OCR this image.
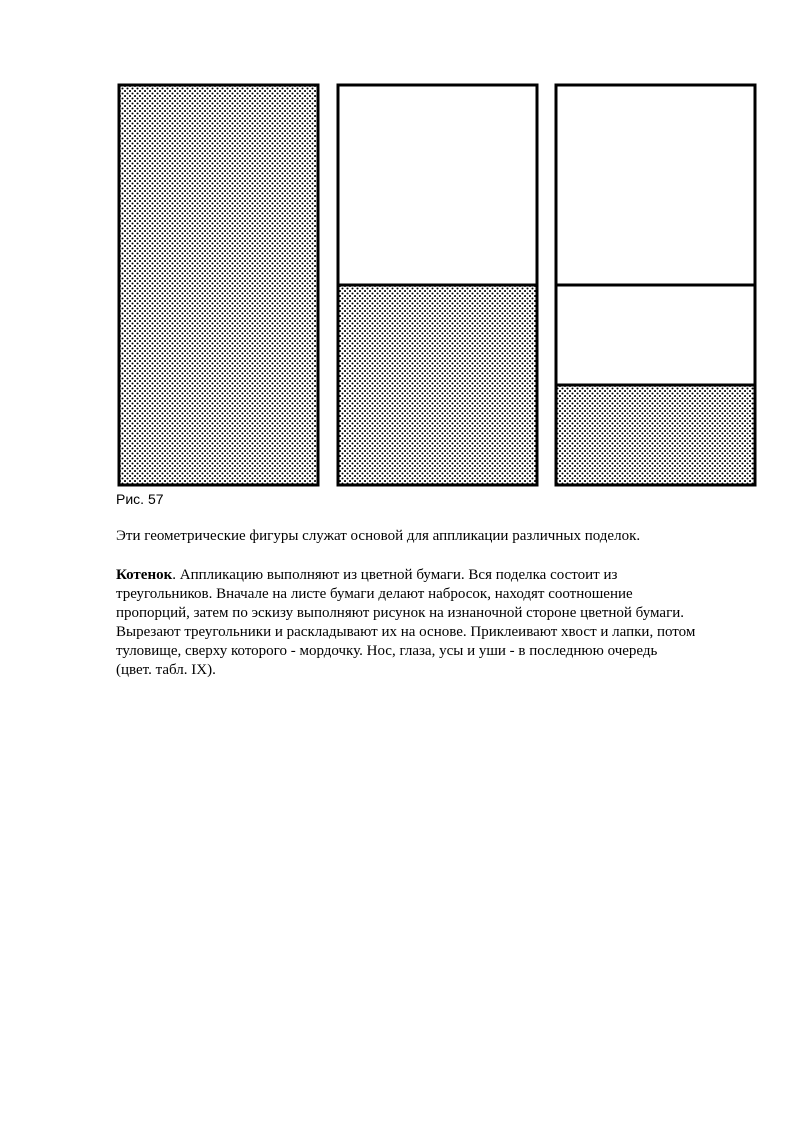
Рис. 57

Эти геометрические фигуры служат основой для аппликации различных поделок.

Котенок. Аппликацию выполняют из цветной бумаги. Вся поделка состоит из
треугольников. Вначале на листе бумаги делают набросок, находят соотношение
пропорций, затем по эскизу выполняют рисунок на изнаночной стороне цветной бумаги.
Вырезают треугольники и раскладывают их на основе. Приклеивают хвост и лапки, потом
туловище, сверху которого - мордочку. Нос, глаза, усы и уши - в последнюю очередь
(цвет. табл. IX).
